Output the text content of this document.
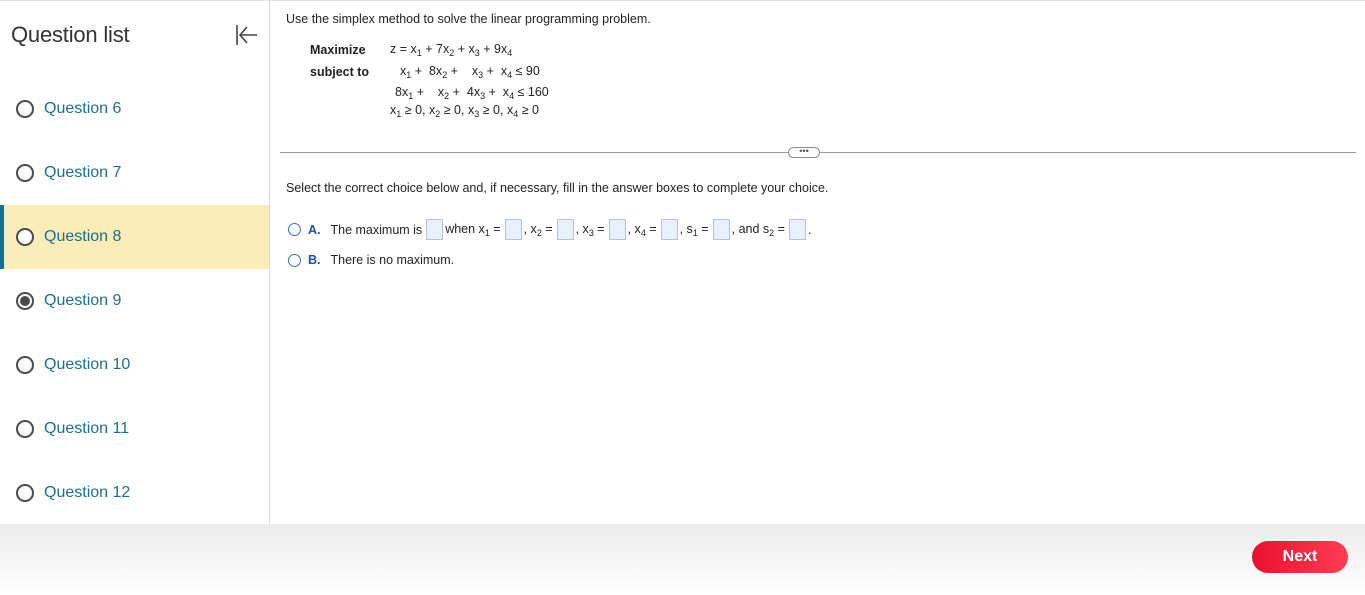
Question list
Question 6
Question 7
Question 8
Question 9
Question 10
Question 11
Question 12
Use the simplex method to solve the linear programming problem.
Maximize
subject to
$z = x_1 + 7x_2 + x_3 + 9x_4$
$x_1 + 8x_2$ +    $x_3 + x_4 \le 90$
$8x_1$ +    $x_2 + 4x_3 + x_4 \le 160$
$x_1 \ge 0$, $x_2 \ge 0$, $x_3 \ge 0$, $x_4 \ge 0$
•••
Select the correct choice below and, if necessary, fill in the answer boxes to complete your choice.
A. The maximum is when $x_1$ = , $x_2$ = , $x_3$ = , $x_4$ = , $s_1$ = , and $s_2$ = .
B. There is no maximum.
Next
